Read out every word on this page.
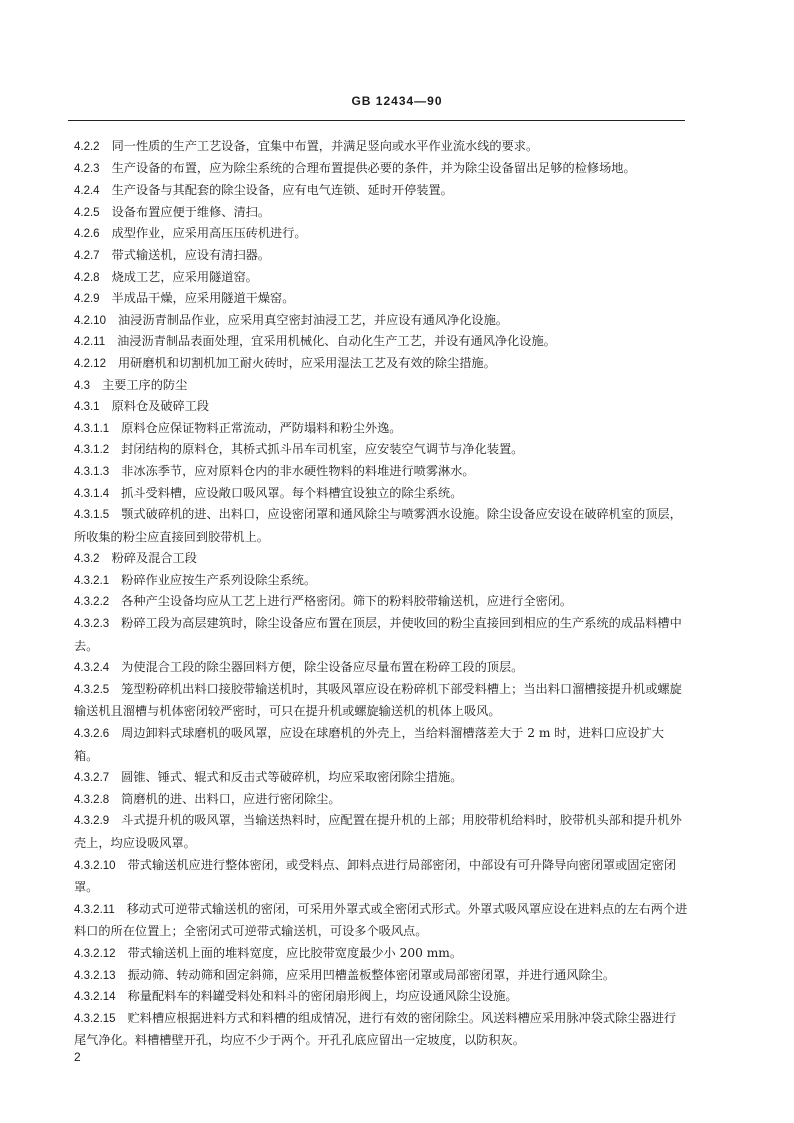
GB 12434—90
4.2.2 同一性质的生产工艺设备，宜集中布置，并满足竖向或水平作业流水线的要求。
4.2.3 生产设备的布置，应为除尘系统的合理布置提供必要的条件，并为除尘设备留出足够的检修场地。
4.2.4 生产设备与其配套的除尘设备，应有电气连锁、延时开停装置。
4.2.5 设备布置应便于维修、清扫。
4.2.6 成型作业，应采用高压压砖机进行。
4.2.7 带式输送机，应设有清扫器。
4.2.8 烧成工艺，应采用隧道窑。
4.2.9 半成品干燥，应采用隧道干燥窑。
4.2.10 油浸沥青制品作业，应采用真空密封油浸工艺，并应设有通风净化设施。
4.2.11 油浸沥青制品表面处理，宜采用机械化、自动化生产工艺，并设有通风净化设施。
4.2.12 用研磨机和切割机加工耐火砖时，应采用湿法工艺及有效的除尘措施。
4.3 主要工序的防尘
4.3.1 原料仓及破碎工段
4.3.1.1 原料仓应保证物料正常流动，严防塌料和粉尘外逸。
4.3.1.2 封闭结构的原料仓，其桥式抓斗吊车司机室，应安装空气调节与净化装置。
4.3.1.3 非冰冻季节，应对原料仓内的非水硬性物料的料堆进行喷雾淋水。
4.3.1.4 抓斗受料槽，应设敞口吸风罩。每个料槽宜设独立的除尘系统。
4.3.1.5 颚式破碎机的进、出料口，应设密闭罩和通风除尘与喷雾洒水设施。除尘设备应安设在破碎机室的顶层，所收集的粉尘应直接回到胶带机上。
4.3.2 粉碎及混合工段
4.3.2.1 粉碎作业应按生产系列设除尘系统。
4.3.2.2 各种产尘设备均应从工艺上进行严格密闭。筛下的粉料胶带输送机，应进行全密闭。
4.3.2.3 粉碎工段为高层建筑时，除尘设备应布置在顶层，并使收回的粉尘直接回到相应的生产系统的成品料槽中去。
4.3.2.4 为使混合工段的除尘器回料方便，除尘设备应尽量布置在粉碎工段的顶层。
4.3.2.5 笼型粉碎机出料口接胶带输送机时，其吸风罩应设在粉碎机下部受料槽上；当出料口溜槽接提升机或螺旋输送机且溜槽与机体密闭较严密时，可只在提升机或螺旋输送机的机体上吸风。
4.3.2.6 周边卸料式球磨机的吸风罩，应设在球磨机的外壳上，当给料溜槽落差大于 2 m 时，进料口应设扩大箱。
4.3.2.7 圆锥、锤式、辊式和反击式等破碎机，均应采取密闭除尘措施。
4.3.2.8 筒磨机的进、出料口，应进行密闭除尘。
4.3.2.9 斗式提升机的吸风罩，当输送热料时，应配置在提升机的上部；用胶带机给料时，胶带机头部和提升机外壳上，均应设吸风罩。
4.3.2.10 带式输送机应进行整体密闭，或受料点、卸料点进行局部密闭，中部设有可升降导向密闭罩或固定密闭罩。
4.3.2.11 移动式可逆带式输送机的密闭，可采用外罩式或全密闭式形式。外罩式吸风罩应设在进料点的左右两个进料口的所在位置上；全密闭式可逆带式输送机，可设多个吸风点。
4.3.2.12 带式输送机上面的堆料宽度，应比胶带宽度最少小 200 mm。
4.3.2.13 振动筛、转动筛和固定斜筛，应采用凹槽盖板整体密闭罩或局部密闭罩，并进行通风除尘。
4.3.2.14 称量配料车的料罐受料处和料斗的密闭扇形阀上，均应设通风除尘设施。
4.3.2.15 贮料槽应根据进料方式和料槽的组成情况，进行有效的密闭除尘。风送料槽应采用脉冲袋式除尘器进行尾气净化。料槽槽壁开孔，均应不少于两个。开孔孔底应留出一定坡度，以防积灰。
2
